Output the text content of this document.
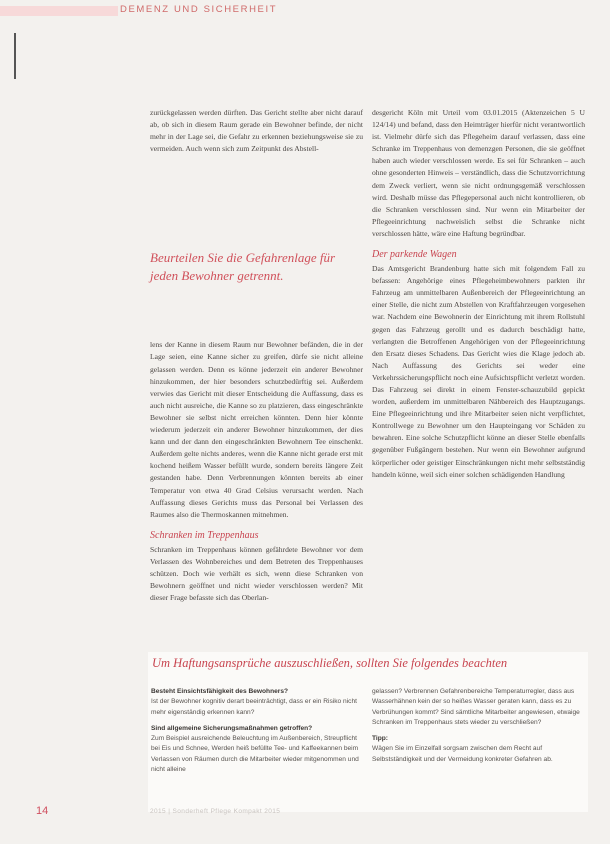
DEMENZ UND SICHERHEIT

zurückgelassen werden dürften. Das Gericht stellte aber nicht darauf ab, ob sich in diesem Raum gerade ein Bewohner befinde, der nicht mehr in der Lage sei, die Gefahr zu erkennen beziehungsweise sie zu vermeiden. Auch wenn sich zum Zeitpunkt des Abstell-

Beurteilen Sie die Gefahrenlage für jeden Bewohner getrennt.

lens der Kanne in diesem Raum nur Bewohner befänden, die in der Lage seien, eine Kanne sicher zu greifen, dürfe sie nicht alleine gelassen werden. Denn es könne jederzeit ein anderer Bewohner hinzukommen, der hier besonders schutzbedürftig sei. Außerdem verwies das Gericht mit dieser Entscheidung die Auffassung, dass es auch nicht ausreiche, die Kanne so zu platzieren, dass eingeschränkte Bewohner sie selbst nicht erreichen könnten. Denn hier könnte wiederum jederzeit ein anderer Bewohner hinzukommen, der dies kann und der dann den eingeschränkten Bewohnern Tee einschenkt. Außerdem gelte nichts anderes, wenn die Kanne nicht gerade erst mit kochend heißem Wasser befüllt wurde, sondern bereits längere Zeit gestanden habe. Denn Verbrennungen könnten bereits ab einer Temperatur von etwa 40 Grad Celsius verursacht werden. Nach Auffassung dieses Gerichts muss das Personal bei Verlassen des Raumes also die Thermoskannen mitnehmen.

Schranken im Treppenhaus

Schranken im Treppenhaus können gefährdete Bewohner vor dem Verlassen des Wohnbereiches und dem Betreten des Treppenhauses schützen. Doch wie verhält es sich, wenn diese Schranken von Bewohnern geöffnet und nicht wieder verschlossen werden? Mit dieser Frage befasste sich das Oberlan-

desgericht Köln mit Urteil vom 03.01.2015 (Aktenzeichen 5 U 124/14) und befand, dass den Heimträger hierfür nicht verantwortlich ist. Vielmehr dürfe sich das Pflegeheim darauf verlassen, dass eine Schranke im Treppenhaus von demenzgen Personen, die sie geöffnet haben auch wieder verschlossen werde. Es sei für Schranken – auch ohne gesonderten Hinweis – verständlich, dass die Schutzvorrichtung dem Zweck verliert, wenn sie nicht ordnungsgemäß verschlossen wird. Deshalb müsse das Pflegepersonal auch nicht kontrollieren, ob die Schranken verschlossen sind. Nur wenn ein Mitarbeiter der Pflegeeinrichtung nachweislich selbst die Schranke nicht verschlossen hätte, wäre eine Haftung begründbar.

Der parkende Wagen

Das Amtsgericht Brandenburg hatte sich mit folgendem Fall zu befassen: Angehörige eines Pflegeheimbewohners parkten ihr Fahrzeug am unmittelbaren Außenbereich der Pflegeeinrichtung an einer Stelle, die nicht zum Abstellen von Kraftfahrzeugen vorgesehen war. Nachdem eine Bewohnerin der Einrichtung mit ihrem Rollstuhl gegen das Fahrzeug gerollt und es dadurch beschädigt hatte, verlangten die Betroffenen Angehörigen von der Pflegeeinrichtung den Ersatz dieses Schadens. Das Gericht wies die Klage jedoch ab. Nach Auffassung des Gerichts sei weder eine Verkehrssicherungspflicht noch eine Aufsichtspflicht verletzt worden. Das Fahrzeug sei direkt in einem Fenster-schauzubild gepickt worden, außerdem im unmittelbaren Nähbereich des Hauptzugangs. Eine Pflegeeinrichtung und ihre Mitarbeiter seien nicht verpflichtet, Kontrollwege zu Bewohner um den Haupteingang vor Schäden zu bewahren. Eine solche Schutzpflicht könne an dieser Stelle ebenfalls gegenüber Fußgängern bestehen. Nur wenn ein Bewohner aufgrund körperlicher oder geistiger Einschränkungen nicht mehr selbstständig handeln könne, weil sich einer solchen schädigenden Handlung

Um Haftungsansprüche auszuschließen, sollten Sie folgendes beachten

Besteht Einsichtsfähigkeit des Bewohners?

Ist der Bewohner kognitiv derart beeinträchtigt, dass er ein Risiko nicht mehr eigenständig erkennen kann?

Sind allgemeine Sicherungsmaßnahmen getroffen?

Zum Beispiel ausreichende Beleuchtung im Außenbereich, Streupflicht bei Eis und Schnee, Werden heiß befüllte Tee- und Kaffeekannen beim Verlassen von Räumen durch die Mitarbeiter wieder mitgenommen und nicht alleine

gelassen? Verbrennen Gefahrenbereiche Temperaturregler, dass aus Wasserhähnen kein der so heißes Wasser geraten kann, dass es zu Verbrühungen kommt? Sind sämtliche Mitarbeiter angewiesen, etwaige Schranken im Treppenhaus stets wieder zu verschließen?

Tipp:

Wägen Sie im Einzelfall sorgsam zwischen dem Recht auf Selbstständigkeit und der Vermeidung konkreter Gefahren ab.

14	2015 | Sonderheft Pflege Kompakt 2015
